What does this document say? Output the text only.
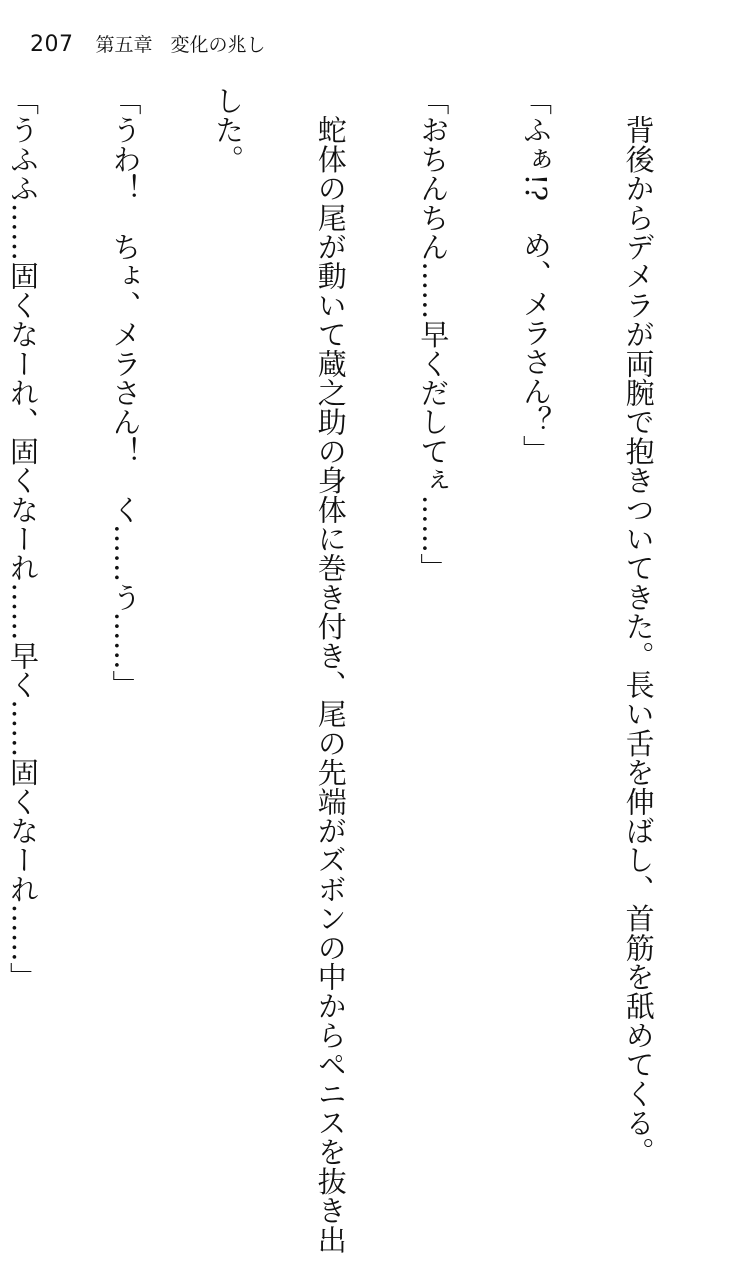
207 第五章 変化の兆し

　背後からデメラが両腕で抱きついてきた。長い舌を伸ばし、首筋を舐めてくる。

「ふぁ!?　め、メラさん？」

「おちんちん……早くだしてぇ……」

　蛇体の尾が動いて蔵之助の身体に巻き付き、尾の先端がズボンの中からペニスを抜き出

した。

「うわ！　ちょ、メラさん！　く……う……」

「うふふ……固くなーれ、固くなーれ……早く……固くなーれ……」
